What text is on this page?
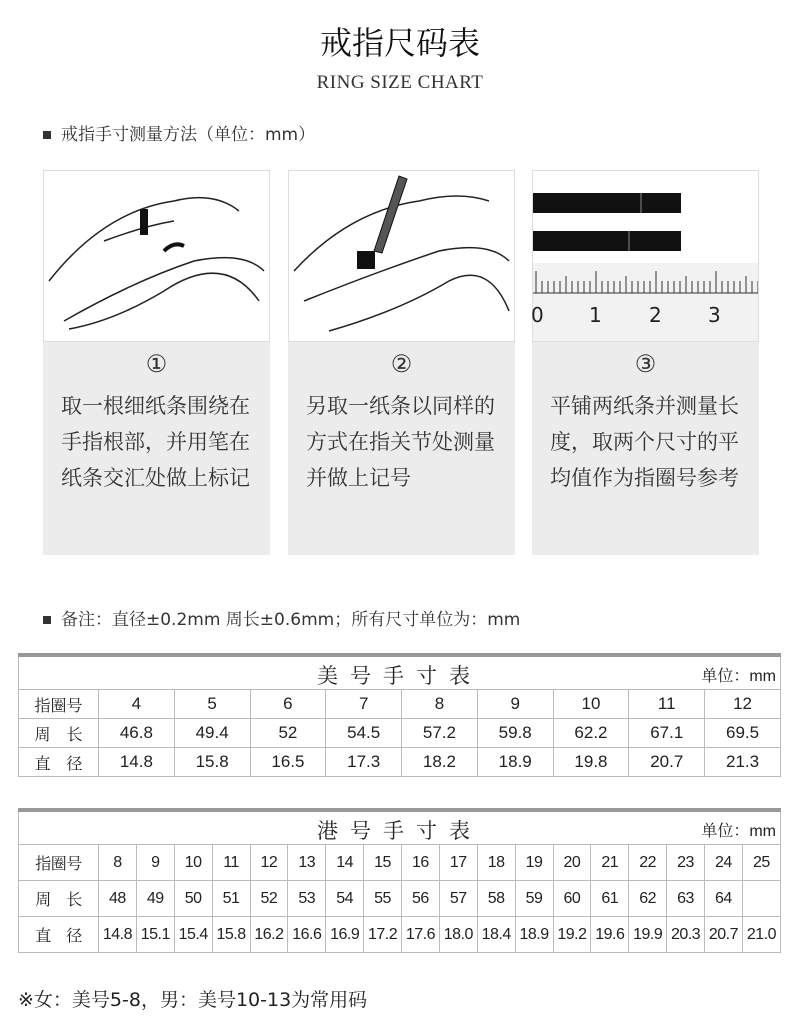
戒指尺码表
RING SIZE CHART
戒指手寸测量方法（单位：mm）
①
取一根细纸条围绕在手指根部，并用笔在纸条交汇处做上标记
②
另取一纸条以同样的方式在指关节处测量并做上记号
0 1 2 3
③
平铺两纸条并测量长度，取两个尺寸的平均值作为指圈号参考
备注：直径±0.2mm 周长±0.6mm；所有尺寸单位为：mm
美号手寸表 单位：mm									

指圈号	4	5	6	7	8	9	10	11	12
周　长	46.8	49.4	52	54.5	57.2	59.8	62.2	67.1	69.5
直　径	14.8	15.8	16.5	17.3	18.2	18.9	19.8	20.7	21.3
港号手寸表 单位：mm																		

指圈号	8	9	10	11	12	13	14	15	16	17	18	19	20	21	22	23	24	25
周　长	48	49	50	51	52	53	54	55	56	57	58	59	60	61	62	63	64	
直　径	14.8	15.1	15.4	15.8	16.2	16.6	16.9	17.2	17.6	18.0	18.4	18.9	19.2	19.6	19.9	20.3	20.7	21.0
※女：美号5-8，男：美号10-13为常用码
